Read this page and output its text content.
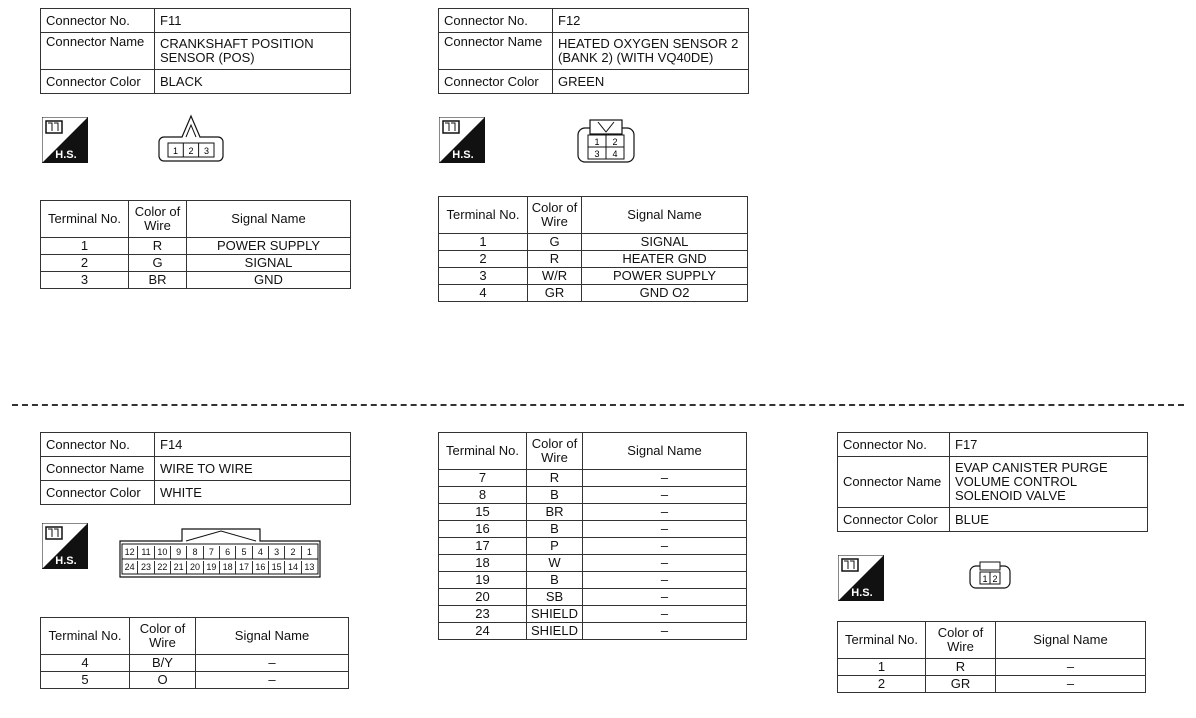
Connector No.	F11
Connector Name	CRANKSHAFT POSITION SENSOR (POS)
Connector Color	BLACK
H.S.	1 2 3
Terminal No.	Color of Wire	Signal Name
1	R	POWER SUPPLY
2	G	SIGNAL
3	BR	GND
Connector No.	F12
Connector Name	HEATED OXYGEN SENSOR 2 (BANK 2) (WITH VQ40DE)
Connector Color	GREEN
H.S.
1 2
3 4
Terminal No.	Color of Wire	Signal Name
1	G	SIGNAL
2	R	HEATER GND
3	W/R	POWER SUPPLY
4	GR	GND O2
Connector No.	F14
Connector Name	WIRE TO WIRE
Connector Color	WHITE
H.S.
12 11 10 9	8	7	6	5	4	3	2	1
24 23 22 21 20 19 18 17 16 15 14 13
Terminal No.	Color of Wire	Signal Name
4	B/Y	–
5	O	–
Terminal No.	Color of Wire	Signal Name
7	R	–
8	B	–
15	BR	–
16	B	–
17	P	–
18	W	–
19	B	–
20	SB	–
23	SHIELD	–
24	SHIELD	–
Connector No.	F17
Connector Name	EVAP CANISTER PURGE VOLUME CONTROL SOLENOID VALVE
Connector Color	BLUE
H.S.
1 2
Terminal No.	Color of Wire	Signal Name
1	R	–
2	GR	–
